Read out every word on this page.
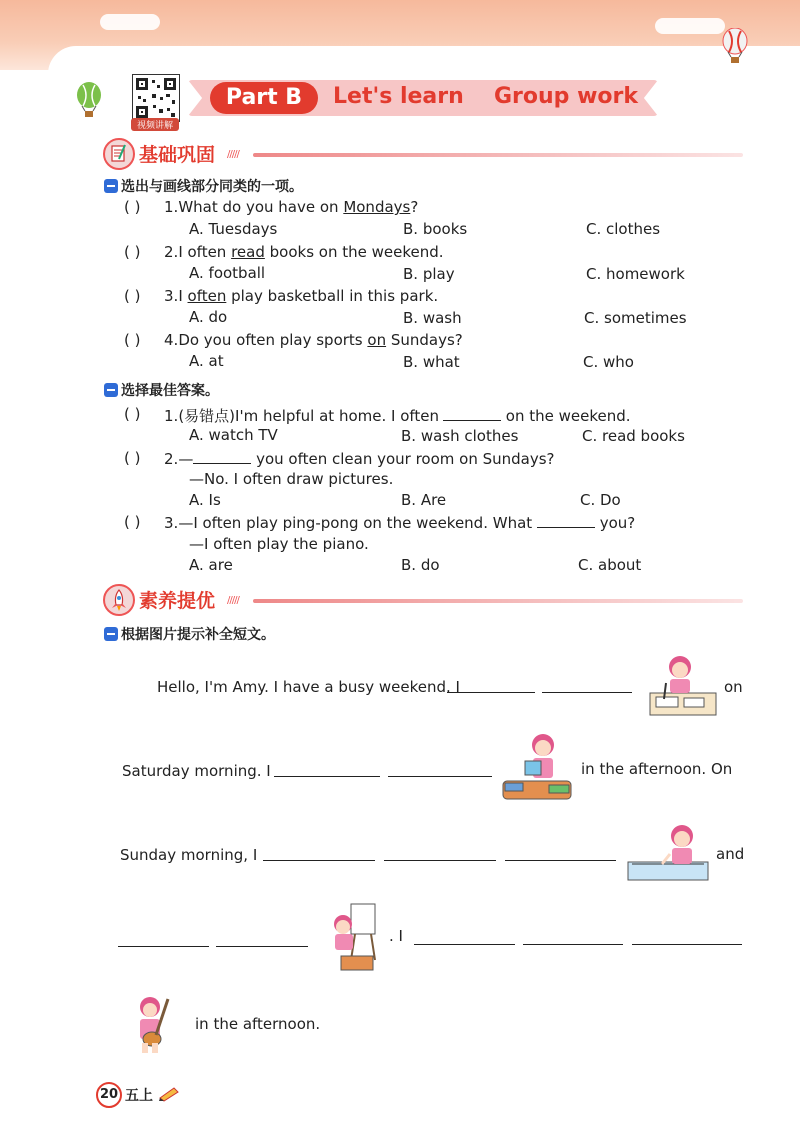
视频讲解
Part B	Let's learn Group work
基础巩固 /////
选出与画线部分同类的一项。
( ) 1.What do you have on Mondays?
A. Tuesdays	B. books	C. clothes
( ) 2.I often read books on the weekend.
A. football	B. play	C. homework
( ) 3.I often play basketball in this park.
A. do	B. wash	C. sometimes
( ) 4.Do you often play sports on Sundays?
A. at	B. what	C. who
选择最佳答案。
( ) 1.(易错点)I'm helpful at home. I often	on the weekend.
A. watch TV	B. wash clothes	C. read books
( ) 2.—	you often clean your room on Sundays?
—No. I often draw pictures.
A. Is	B. Are	C. Do
( ) 3.—I often play ping-pong on the weekend. What	you?
—I often play the piano.
A. are	B. do	C. about
素养提优 /////
根据图片提示补全短文。
Hello, I'm Amy. I have a busy weekend. I	on
Saturday morning. I	in the afternoon. On
Sunday morning, I	and
. I
in the afternoon.
20 五上
